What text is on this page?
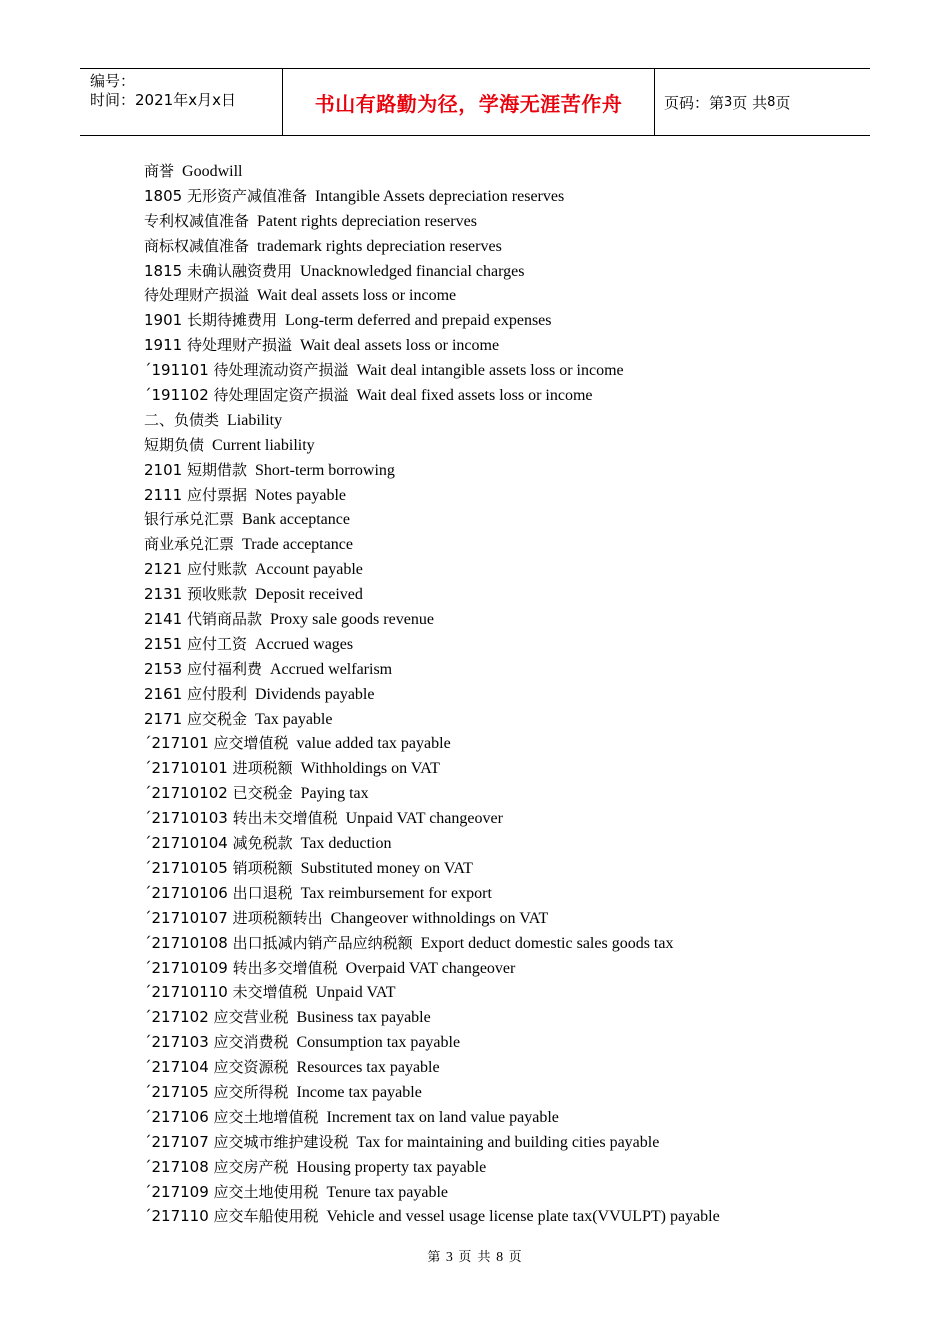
编号：
时间：2021年x月x日	书山有路勤为径，学海无涯苦作舟	页码：第 3 页 共 8 页
商誉 Goodwill
1805 无形资产减值准备 Intangible Assets depreciation reserves
专利权减值准备 Patent rights depreciation reserves
商标权减值准备 trademark rights depreciation reserves
1815 未确认融资费用 Unacknowledged financial charges
待处理财产损溢 Wait deal assets loss or income
1901 长期待摊费用 Long-term deferred and prepaid expenses
1911 待处理财产损溢 Wait deal assets loss or income
´191101 待处理流动资产损溢 Wait deal intangible assets loss or income
´191102 待处理固定资产损溢 Wait deal fixed assets loss or income
二、负债类 Liability
短期负债 Current liability
2101 短期借款 Short-term borrowing
2111 应付票据 Notes payable
银行承兑汇票 Bank acceptance
商业承兑汇票 Trade acceptance
2121 应付账款 Account payable
2131 预收账款 Deposit received
2141 代销商品款 Proxy sale goods revenue
2151 应付工资 Accrued wages
2153 应付福利费 Accrued welfarism
2161 应付股利 Dividends payable
2171 应交税金 Tax payable
´217101 应交增值税 value added tax payable
´21710101 进项税额 Withholdings on VAT
´21710102 已交税金 Paying tax
´21710103 转出未交增值税 Unpaid VAT changeover
´21710104 减免税款 Tax deduction
´21710105 销项税额 Substituted money on VAT
´21710106 出口退税 Tax reimbursement for export
´21710107 进项税额转出 Changeover withnoldings on VAT
´21710108 出口抵减内销产品应纳税额 Export deduct domestic sales goods tax
´21710109 转出多交增值税 Overpaid VAT changeover
´21710110 未交增值税 Unpaid VAT
´217102 应交营业税 Business tax payable
´217103 应交消费税 Consumption tax payable
´217104 应交资源税 Resources tax payable
´217105 应交所得税 Income tax payable
´217106 应交土地增值税 Increment tax on land value payable
´217107 应交城市维护建设税 Tax for maintaining and building cities payable
´217108 应交房产税 Housing property tax payable
´217109 应交土地使用税 Tenure tax payable
´217110 应交车船使用税 Vehicle and vessel usage license plate tax(VVULPT) payable
第 3 页 共 8 页
